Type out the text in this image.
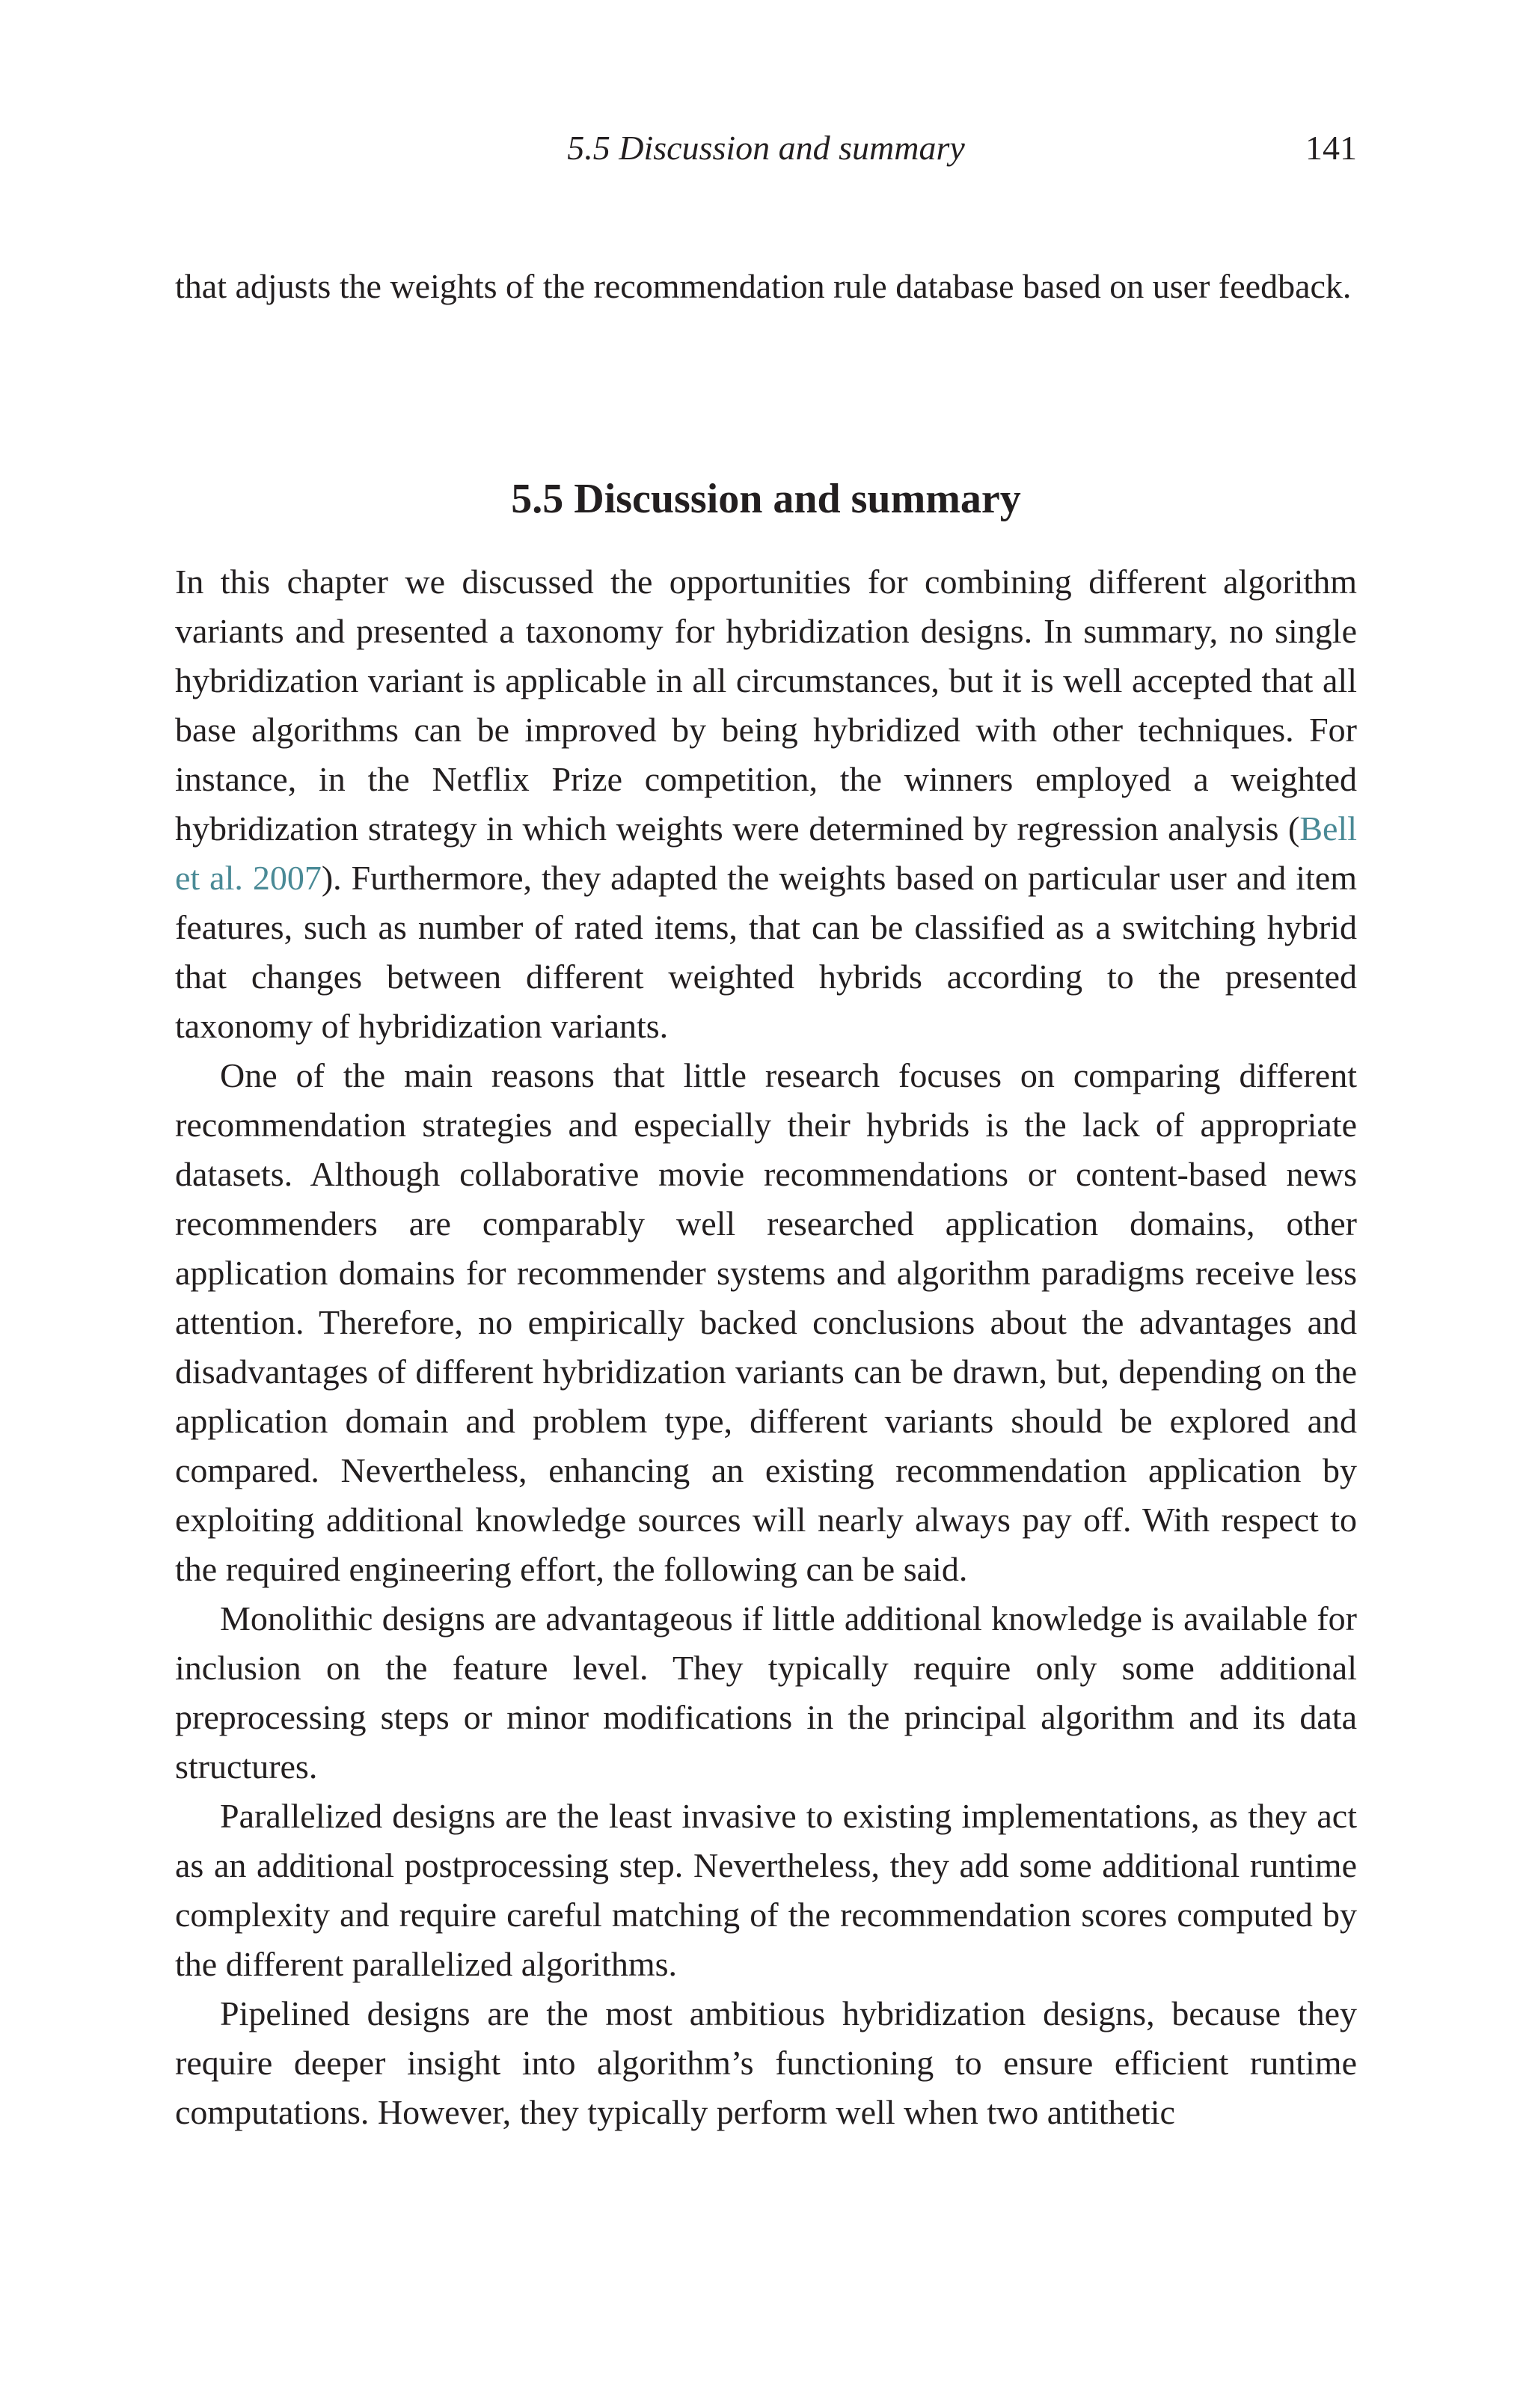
5.5 Discussion and summary	141

that adjusts the weights of the recommendation rule database based on user feedback.

5.5 Discussion and summary

In this chapter we discussed the opportunities for combining different algorithm variants and presented a taxonomy for hybridization designs. In summary, no single hybridization variant is applicable in all circumstances, but it is well accepted that all base algorithms can be improved by being hybridized with other techniques. For instance, in the Netflix Prize competition, the winners employed a weighted hybridization strategy in which weights were determined by regression analysis (Bell et al. 2007). Furthermore, they adapted the weights based on particular user and item features, such as number of rated items, that can be classified as a switching hybrid that changes between different weighted hybrids according to the presented taxonomy of hybridization variants.

One of the main reasons that little research focuses on comparing different recommendation strategies and especially their hybrids is the lack of appropriate datasets. Although collaborative movie recommendations or content-based news recommenders are comparably well researched application domains, other application domains for recommender systems and algorithm paradigms receive less attention. Therefore, no empirically backed conclusions about the advantages and disadvantages of different hybridization variants can be drawn, but, depending on the application domain and problem type, different variants should be explored and compared. Nevertheless, enhancing an existing recommendation application by exploiting additional knowledge sources will nearly always pay off. With respect to the required engineering effort, the following can be said.

Monolithic designs are advantageous if little additional knowledge is available for inclusion on the feature level. They typically require only some additional preprocessing steps or minor modifications in the principal algorithm and its data structures.

Parallelized designs are the least invasive to existing implementations, as they act as an additional postprocessing step. Nevertheless, they add some additional runtime complexity and require careful matching of the recommendation scores computed by the different parallelized algorithms.

Pipelined designs are the most ambitious hybridization designs, because they require deeper insight into algorithm’s functioning to ensure efficient runtime computations. However, they typically perform well when two antithetic
